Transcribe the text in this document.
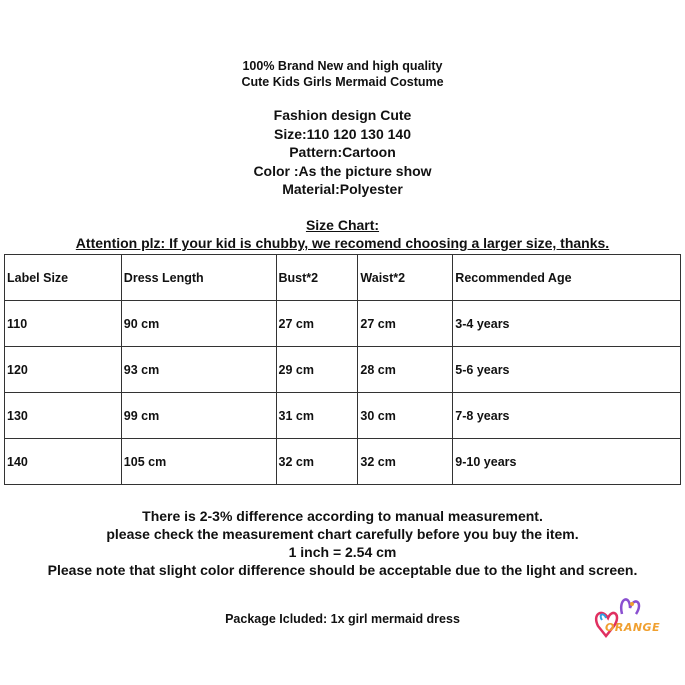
100% Brand New and high quality
Cute Kids Girls Mermaid Costume
Fashion design Cute
Size:110 120 130 140
Pattern:Cartoon
Color :As the picture show
Material:Polyester
Size Chart:
Attention plz: If your kid is chubby, we recomend choosing a larger size, thanks.
Label Size	Dress Length	Bust*2	Waist*2	Recommended Age
110	90 cm	27 cm	27 cm	3-4 years
120	93 cm	29 cm	28 cm	5-6 years
130	99 cm	31 cm	30 cm	7-8 years
140	105 cm	32 cm	32 cm	9-10 years
There is 2-3% difference according to manual measurement.
please check the measurement chart carefully before you buy the item.
1 inch = 2.54 cm
Please note that slight color difference should be acceptable due to the light and screen.
Package Icluded: 1x girl mermaid dress
ORANGE
